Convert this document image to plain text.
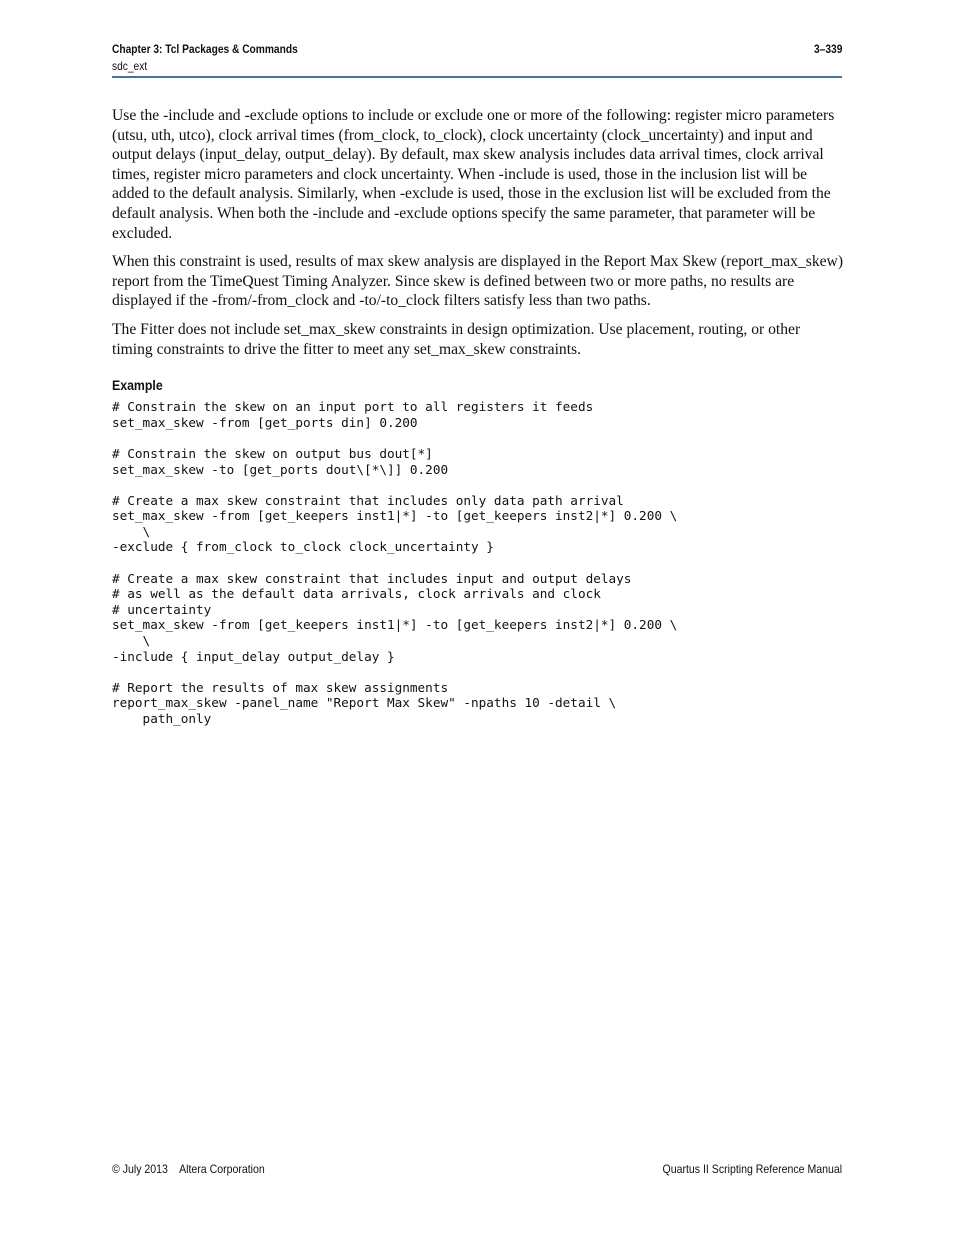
Chapter 3: Tcl Packages & Commands
sdc_ext
3–339

Use the -include and -exclude options to include or exclude one or more of the following: register micro parameters (utsu, uth, utco), clock arrival times (from_clock, to_clock), clock uncertainty (clock_uncertainty) and input and output delays (input_delay, output_delay). By default, max skew analysis includes data arrival times, clock arrival times, register micro parameters and clock uncertainty. When -include is used, those in the inclusion list will be added to the default analysis. Similarly, when -exclude is used, those in the exclusion list will be excluded from the default analysis. When both the -include and -exclude options specify the same parameter, that parameter will be excluded.

When this constraint is used, results of max skew analysis are displayed in the Report Max Skew (report_max_skew) report from the TimeQuest Timing Analyzer. Since skew is defined between two or more paths, no results are displayed if the -from/-from_clock and -to/-to_clock filters satisfy less than two paths.

The Fitter does not include set_max_skew constraints in design optimization. Use placement, routing, or other timing constraints to drive the fitter to meet any set_max_skew constraints.

Example
# Constrain the skew on an input port to all registers it feeds
set_max_skew -from [get_ports din] 0.200

# Constrain the skew on output bus dout[*]
set_max_skew -to [get_ports dout\[*\]] 0.200

# Create a max skew constraint that includes only data path arrival
set_max_skew -from [get_keepers inst1|*] -to [get_keepers inst2|*] 0.200 \
\
-exclude { from_clock to_clock clock_uncertainty }

# Create a max skew constraint that includes input and output delays
# as well as the default data arrivals, clock arrivals and clock
# uncertainty
set_max_skew -from [get_keepers inst1|*] -to [get_keepers inst2|*] 0.200 \
\
-include { input_delay output_delay }

# Report the results of max skew assignments
report_max_skew -panel_name "Report Max Skew" -npaths 10 -detail \
path_only
© July 2013    Altera Corporation	Quartus II Scripting Reference Manual
